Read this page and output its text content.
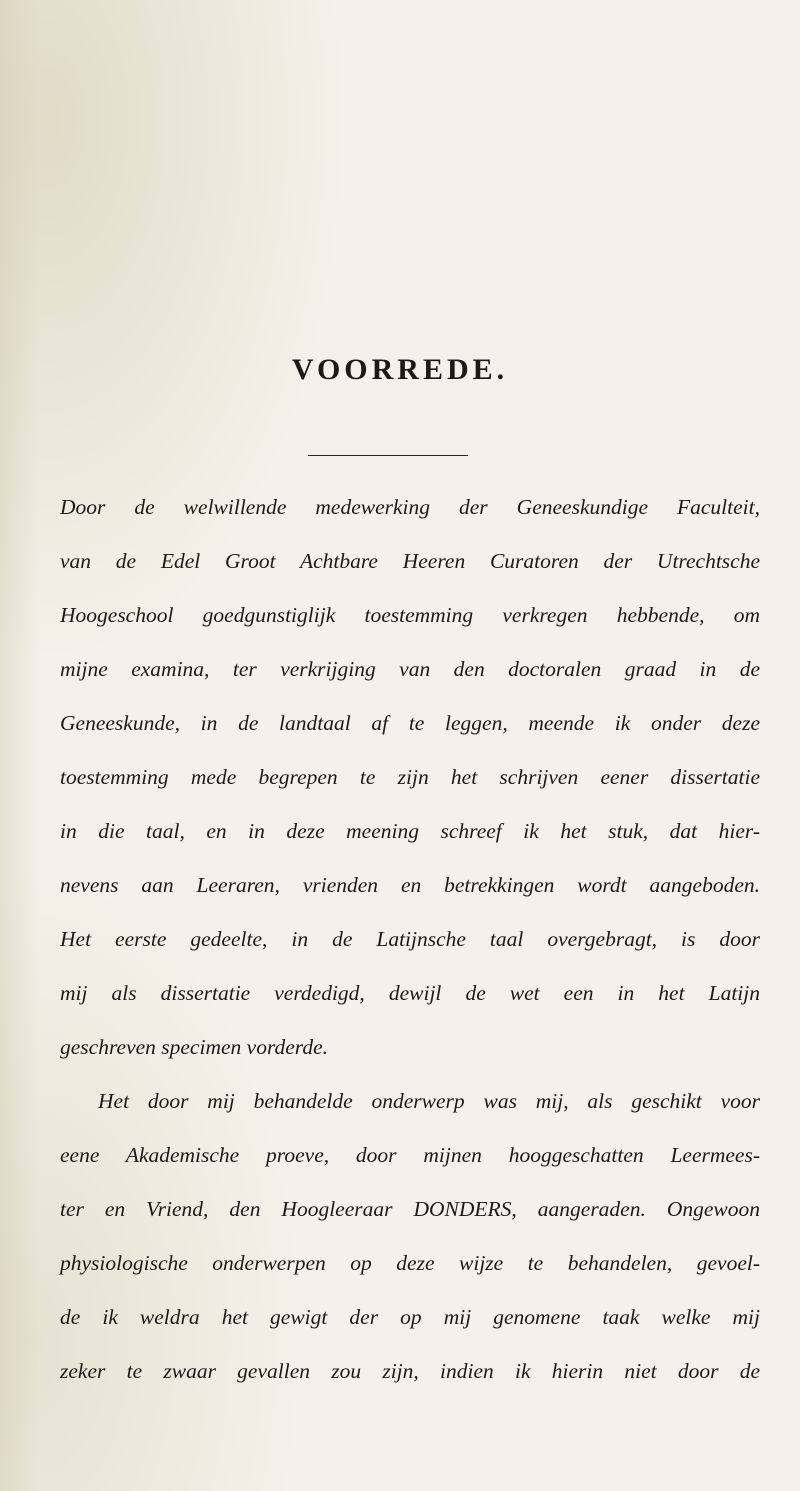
VOORREDE.
Door de welwillende medewerking der Geneeskundige Faculteit,
van de Edel Groot Achtbare Heeren Curatoren der Utrechtsche
Hoogeschool goedgunstiglijk toestemming verkregen hebbende, om
mijne examina, ter verkrijging van den doctoralen graad in de
Geneeskunde, in de landtaal af te leggen, meende ik onder deze
toestemming mede begrepen te zijn het schrijven eener dissertatie
in die taal, en in deze meening schreef ik het stuk, dat hier-
nevens aan Leeraren, vrienden en betrekkingen wordt aangeboden.
Het eerste gedeelte, in de Latijnsche taal overgebragt, is door
mij als dissertatie verdedigd, dewijl de wet een in het Latijn
geschreven specimen vorderde.
Het door mij behandelde onderwerp was mij, als geschikt voor
eene Akademische proeve, door mijnen hooggeschatten Leermees-
ter en Vriend, den Hoogleeraar DONDERS, aangeraden. Ongewoon
physiologische onderwerpen op deze wijze te behandelen, gevoel-
de ik weldra het gewigt der op mij genomene taak welke mij
zeker te zwaar gevallen zou zijn, indien ik hierin niet door de
